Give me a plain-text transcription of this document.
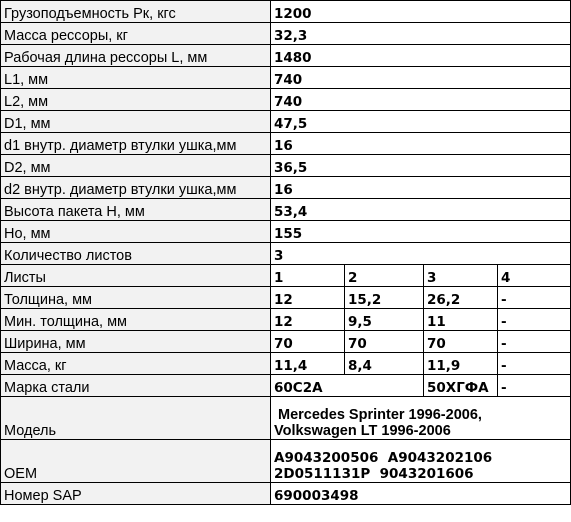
Грузоподъемность Рк, кгс	1200			
Масса рессоры, кг	32,3			
Рабочая длина рессоры L, мм	1480			
L1, мм	740			
L2, мм	740			
D1, мм	47,5			
d1 внутр. диаметр втулки ушка,мм	16			
D2, мм	36,5			
d2 внутр. диаметр втулки ушка,мм	16			
Высота пакета H, мм	53,4			
Ho, мм	155			
Количество листов	3			
Листы	1	2	3	4
Толщина, мм	12	15,2	26,2	-
Мин. толщина, мм	12	9,5	11	-
Ширина, мм	70	70	70	-
Масса, кг	11,4	8,4	11,9	-
Марка стали	60С2А		50ХГФА	-
Модель	Mercedes Sprinter 1996-2006,
Volkswagen LT 1996-2006			

OEM	A9043200506  A9043202106
2D0511131P  9043201606			

Номер SAP	690003498			
